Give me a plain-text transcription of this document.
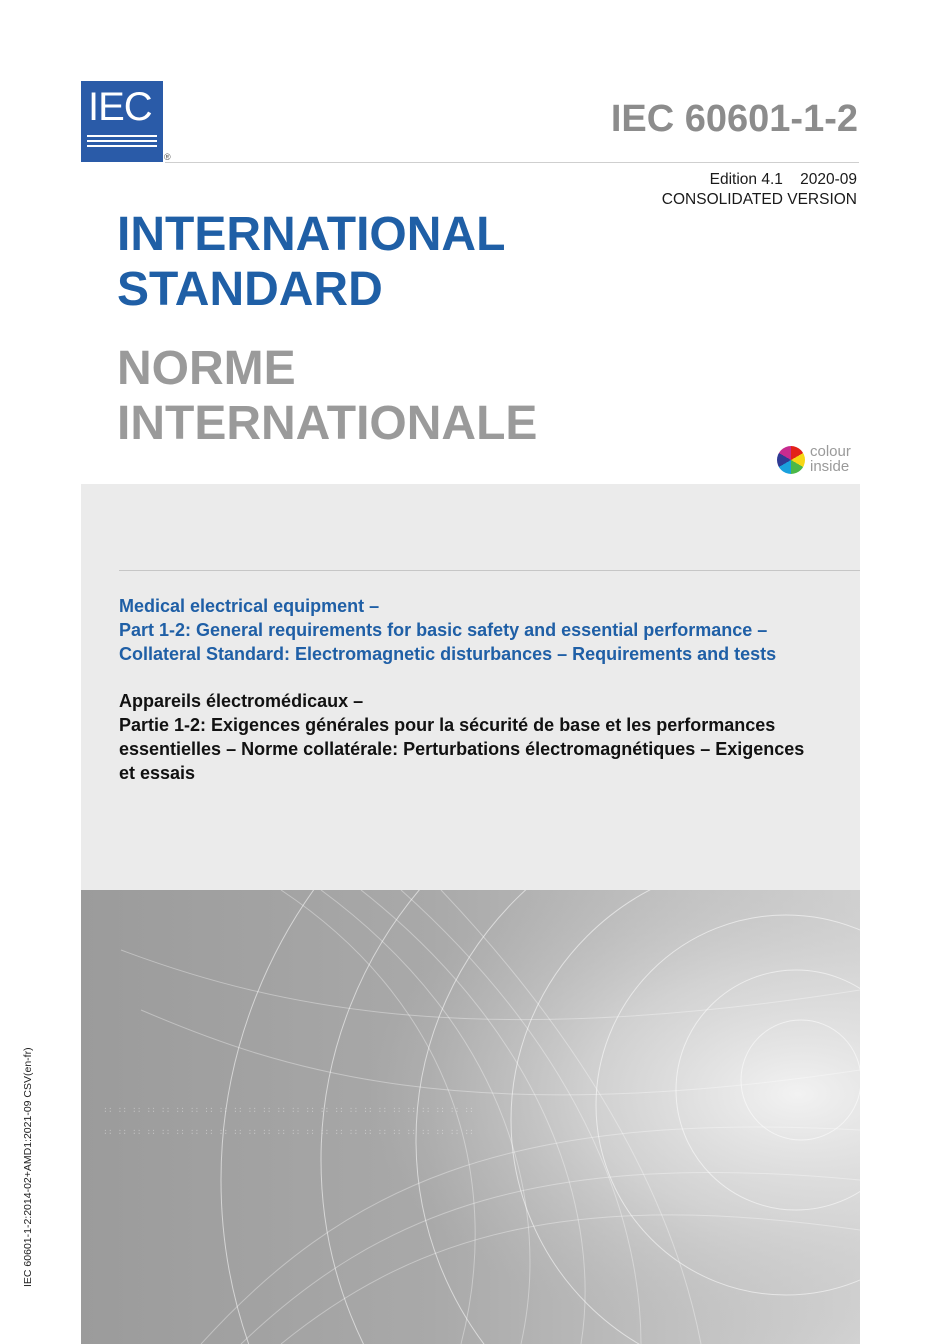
IEC
®
IEC 60601-1-2
Edition 4.1    2020-09
CONSOLIDATED VERSION
INTERNATIONAL
STANDARD
NORME
INTERNATIONALE
colour
inside
Medical electrical equipment –
Part 1-2: General requirements for basic safety and essential performance –
Collateral Standard: Electromagnetic disturbances – Requirements and tests
Appareils électromédicaux –
Partie 1-2: Exigences générales pour la sécurité de base et les performances
essentielles – Norme collatérale: Perturbations électromagnétiques – Exigences
et essais
:: :: :: :: :: :: :: :: :: :: :: :: :: :: :: :: :: :: :: :: :: :: :: :: :: ::
:: :: :: :: :: :: :: :: :: :: :: :: :: :: :: :: :: :: :: :: :: :: :: :: :: ::
IEC 60601-1-2:2014-02+AMD1:2021-09 CSV(en-fr)
